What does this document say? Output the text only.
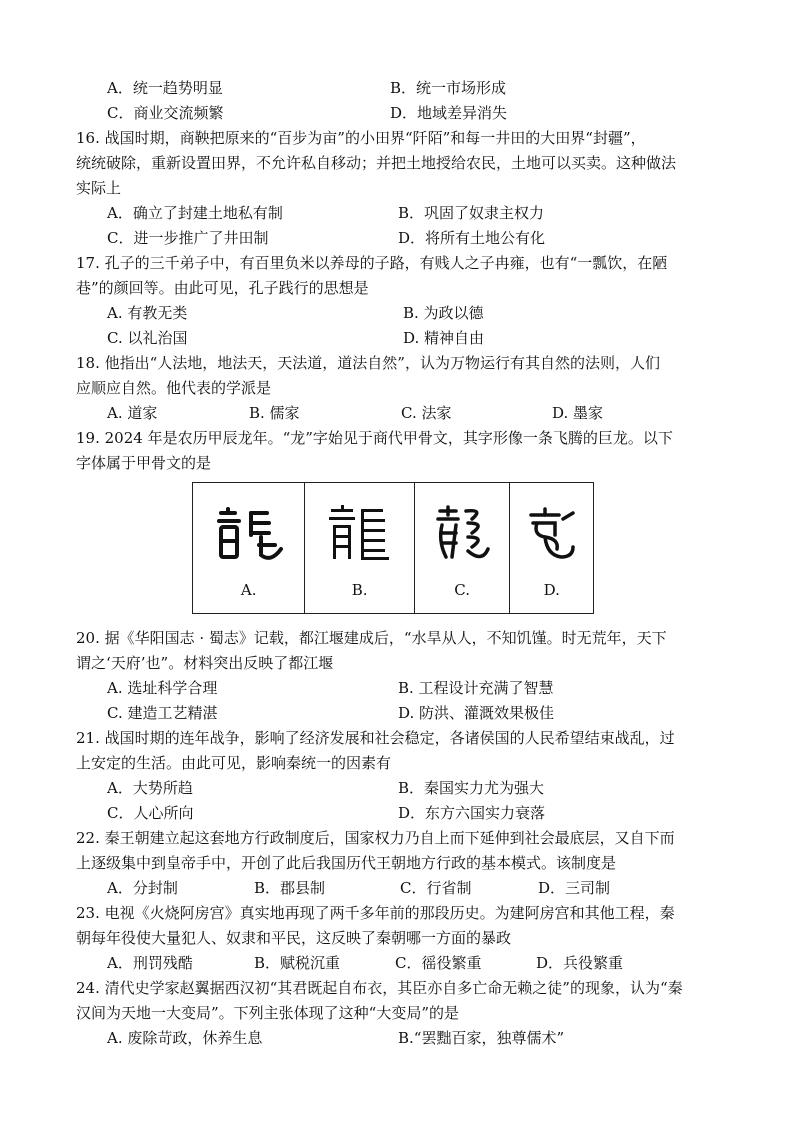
A．统一趋势明显	B．统一市场形成
C．商业交流频繁	D．地域差异消失
16. 战国时期，商鞅把原来的“百步为亩”的小田界“阡陌”和每一井田的大田界“封疆”，
统统破除，重新设置田界，不允许私自移动；并把土地授给农民，土地可以买卖。这种做法
实际上
A．确立了封建土地私有制	B．巩固了奴隶主权力
C．进一步推广了井田制	D．将所有土地公有化
17. 孔子的三千弟子中，有百里负米以养母的子路，有贱人之子冉雍，也有“一瓢饮，在陋
巷”的颜回等。由此可见，孔子践行的思想是
A. 有教无类	B. 为政以德
C. 以礼治国	D. 精神自由
18. 他指出“人法地，地法天，天法道，道法自然”，认为万物运行有其自然的法则，人们
应顺应自然。他代表的学派是
A. 道家	B. 儒家	C. 法家	D. 墨家
19. 2024 年是农历甲辰龙年。“龙”字始见于商代甲骨文，其字形像一条飞腾的巨龙。以下
字体属于甲骨文的是
A.	B.	C.	D.
20. 据《华阳国志 · 蜀志》记载，都江堰建成后，“水旱从人，不知饥馑。时无荒年，天下
谓之‘天府’也”。材料突出反映了都江堰
A. 选址科学合理	B. 工程设计充满了智慧
C. 建造工艺精湛	D. 防洪、灌溉效果极佳
21. 战国时期的连年战争，影响了经济发展和社会稳定，各诸侯国的人民希望结束战乱，过
上安定的生活。由此可见，影响秦统一的因素有
A．大势所趋	B．秦国实力尤为强大
C．人心所向	D．东方六国实力衰落
22. 秦王朝建立起这套地方行政制度后，国家权力乃自上而下延伸到社会最底层，又自下而
上逐级集中到皇帝手中，开创了此后我国历代王朝地方行政的基本模式。该制度是
A．分封制	B．郡县制	C．行省制	D．三司制
23. 电视《火烧阿房宫》真实地再现了两千多年前的那段历史。为建阿房宫和其他工程，秦
朝每年役使大量犯人、奴隶和平民，这反映了秦朝哪一方面的暴政
A．刑罚残酷	B．赋税沉重	C．徭役繁重	D．兵役繁重
24. 清代史学家赵翼据西汉初“其君既起自布衣，其臣亦自多亡命无赖之徒”的现象，认为“秦
汉间为天地一大变局”。下列主张体现了这种“大变局”的是
A. 废除苛政，休养生息	B.“罢黜百家，独尊儒术”
